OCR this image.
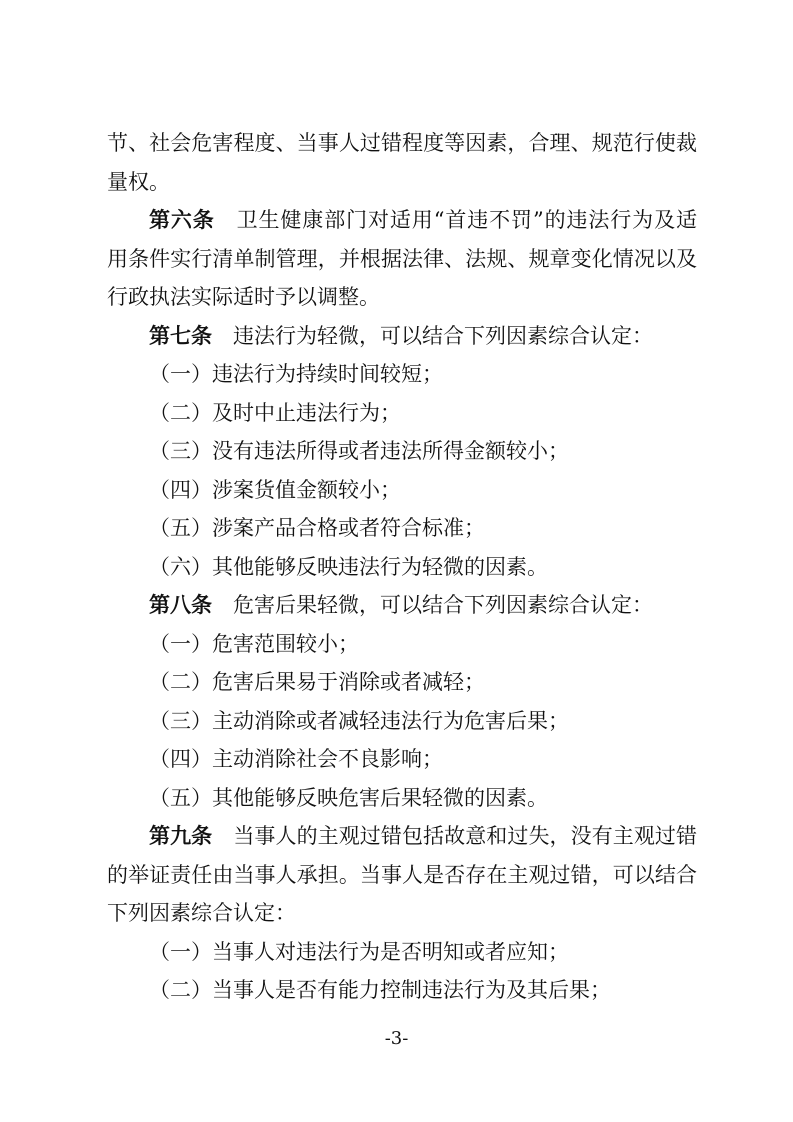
节、社会危害程度、当事人过错程度等因素，合理、规范行使裁
量权。
第六条 卫生健康部门对适用“首违不罚”的违法行为及适
用条件实行清单制管理，并根据法律、法规、规章变化情况以及
行政执法实际适时予以调整。
第七条 违法行为轻微，可以结合下列因素综合认定：
（一）违法行为持续时间较短；
（二）及时中止违法行为；
（三）没有违法所得或者违法所得金额较小；
（四）涉案货值金额较小；
（五）涉案产品合格或者符合标准；
（六）其他能够反映违法行为轻微的因素。
第八条 危害后果轻微，可以结合下列因素综合认定：
（一）危害范围较小；
（二）危害后果易于消除或者减轻；
（三）主动消除或者减轻违法行为危害后果；
（四）主动消除社会不良影响；
（五）其他能够反映危害后果轻微的因素。
第九条 当事人的主观过错包括故意和过失，没有主观过错
的举证责任由当事人承担。当事人是否存在主观过错，可以结合
下列因素综合认定：
（一）当事人对违法行为是否明知或者应知；
（二）当事人是否有能力控制违法行为及其后果；
-3-
